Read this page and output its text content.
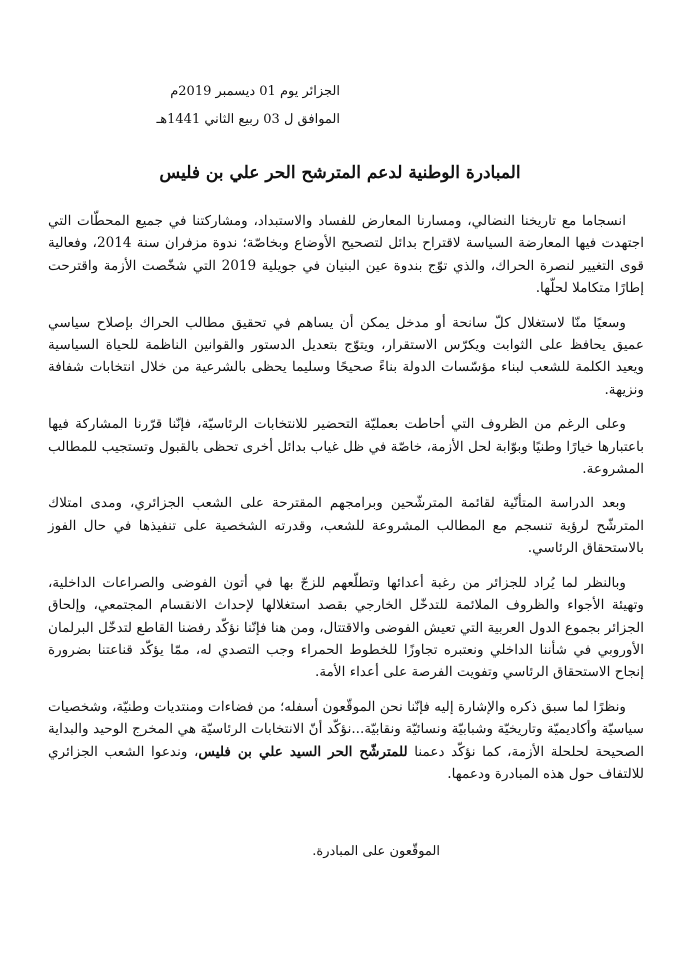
الجزائر يوم 01 ديسمبر 2019م
الموافق ل 03 ربيع الثاني 1441هـ
المبادرة الوطنية لدعم المترشح الحر علي بن فليس

انسجاما مع تاريخنا النضالي، ومسارنا المعارض للفساد والاستبداد، ومشاركتنا في جميع المحطّات التي اجتهدت فيها المعارضة السياسة لاقتراح بدائل لتصحيح الأوضاع وبخاصّة؛ ندوة مزفران سنة 2014، وفعالية قوى التغيير لنصرة الحراك، والذي توّج بندوة عين البنيان في جويلية 2019 التي شخّصت الأزمة واقترحت إطارًا متكاملا لحلّها.

وسعيًا منّا لاستغلال كلّ سانحة أو مدخل يمكن أن يساهم في تحقيق مطالب الحراك بإصلاح سياسي عميق يحافظ على الثوابت ويكرّس الاستقرار، ويتوّج بتعديل الدستور والقوانين الناظمة للحياة السياسية ويعيد الكلمة للشعب لبناء مؤسّسات الدولة بناءً صحيحًا وسليما يحظى بالشرعية من خلال انتخابات شفافة ونزيهة.

وعلى الرغم من الظروف التي أحاطت بعمليّة التحضير للانتخابات الرئاسيّة، فإنّنا قرّرنا المشاركة فيها باعتبارها خيارًا وطنيًا وبوّابة لحل الأزمة، خاصّة في ظل غياب بدائل أخرى تحظى بالقبول وتستجيب للمطالب المشروعة.

وبعد الدراسة المتأنّية لقائمة المترشّحين وبرامجهم المقترحة على الشعب الجزائري، ومدى امتلاك المترشّح لرؤية تنسجم مع المطالب المشروعة للشعب، وقدرته الشخصية على تنفيذها في حال الفوز بالاستحقاق الرئاسي.

وبالنظر لما يُراد للجزائر من رغبة أعدائها وتطلّعهم للزجّ بها في أتون الفوضى والصراعات الداخلية، وتهيئة الأجواء والظروف الملائمة للتدخّل الخارجي بقصد استغلالها لإحداث الانقسام المجتمعي، وإلحاق الجزائر بجموع الدول العربية التي تعيش الفوضى والاقتتال، ومن هنا فإنّنا نؤكّد رفضنا القاطع لتدخّل البرلمان الأوروبي في شأننا الداخلي ونعتبره تجاوزًا للخطوط الحمراء وجب التصدي له، ممّا يؤكّد قناعتنا بضرورة إنجاح الاستحقاق الرئاسي وتفويت الفرصة على أعداء الأمة.

ونظرًا لما سبق ذكره والإشارة إليه فإنّنا نحن الموقّعون أسفله؛ من فضاءات ومنتديات وطنيّة، وشخصيات سياسيّة وأكاديميّة وتاريخيّة وشبابيّة ونسائيّة ونقابيّة...نؤكّد أنّ الانتخابات الرئاسيّة هي المخرج الوحيد والبداية الصحيحة لحلحلة الأزمة، كما نؤكّد دعمنا للمترشّح الحر السيد علي بن فليس، وندعوا الشعب الجزائري للالتفاف حول هذه المبادرة ودعمها.

الموقّعون على المبادرة.
